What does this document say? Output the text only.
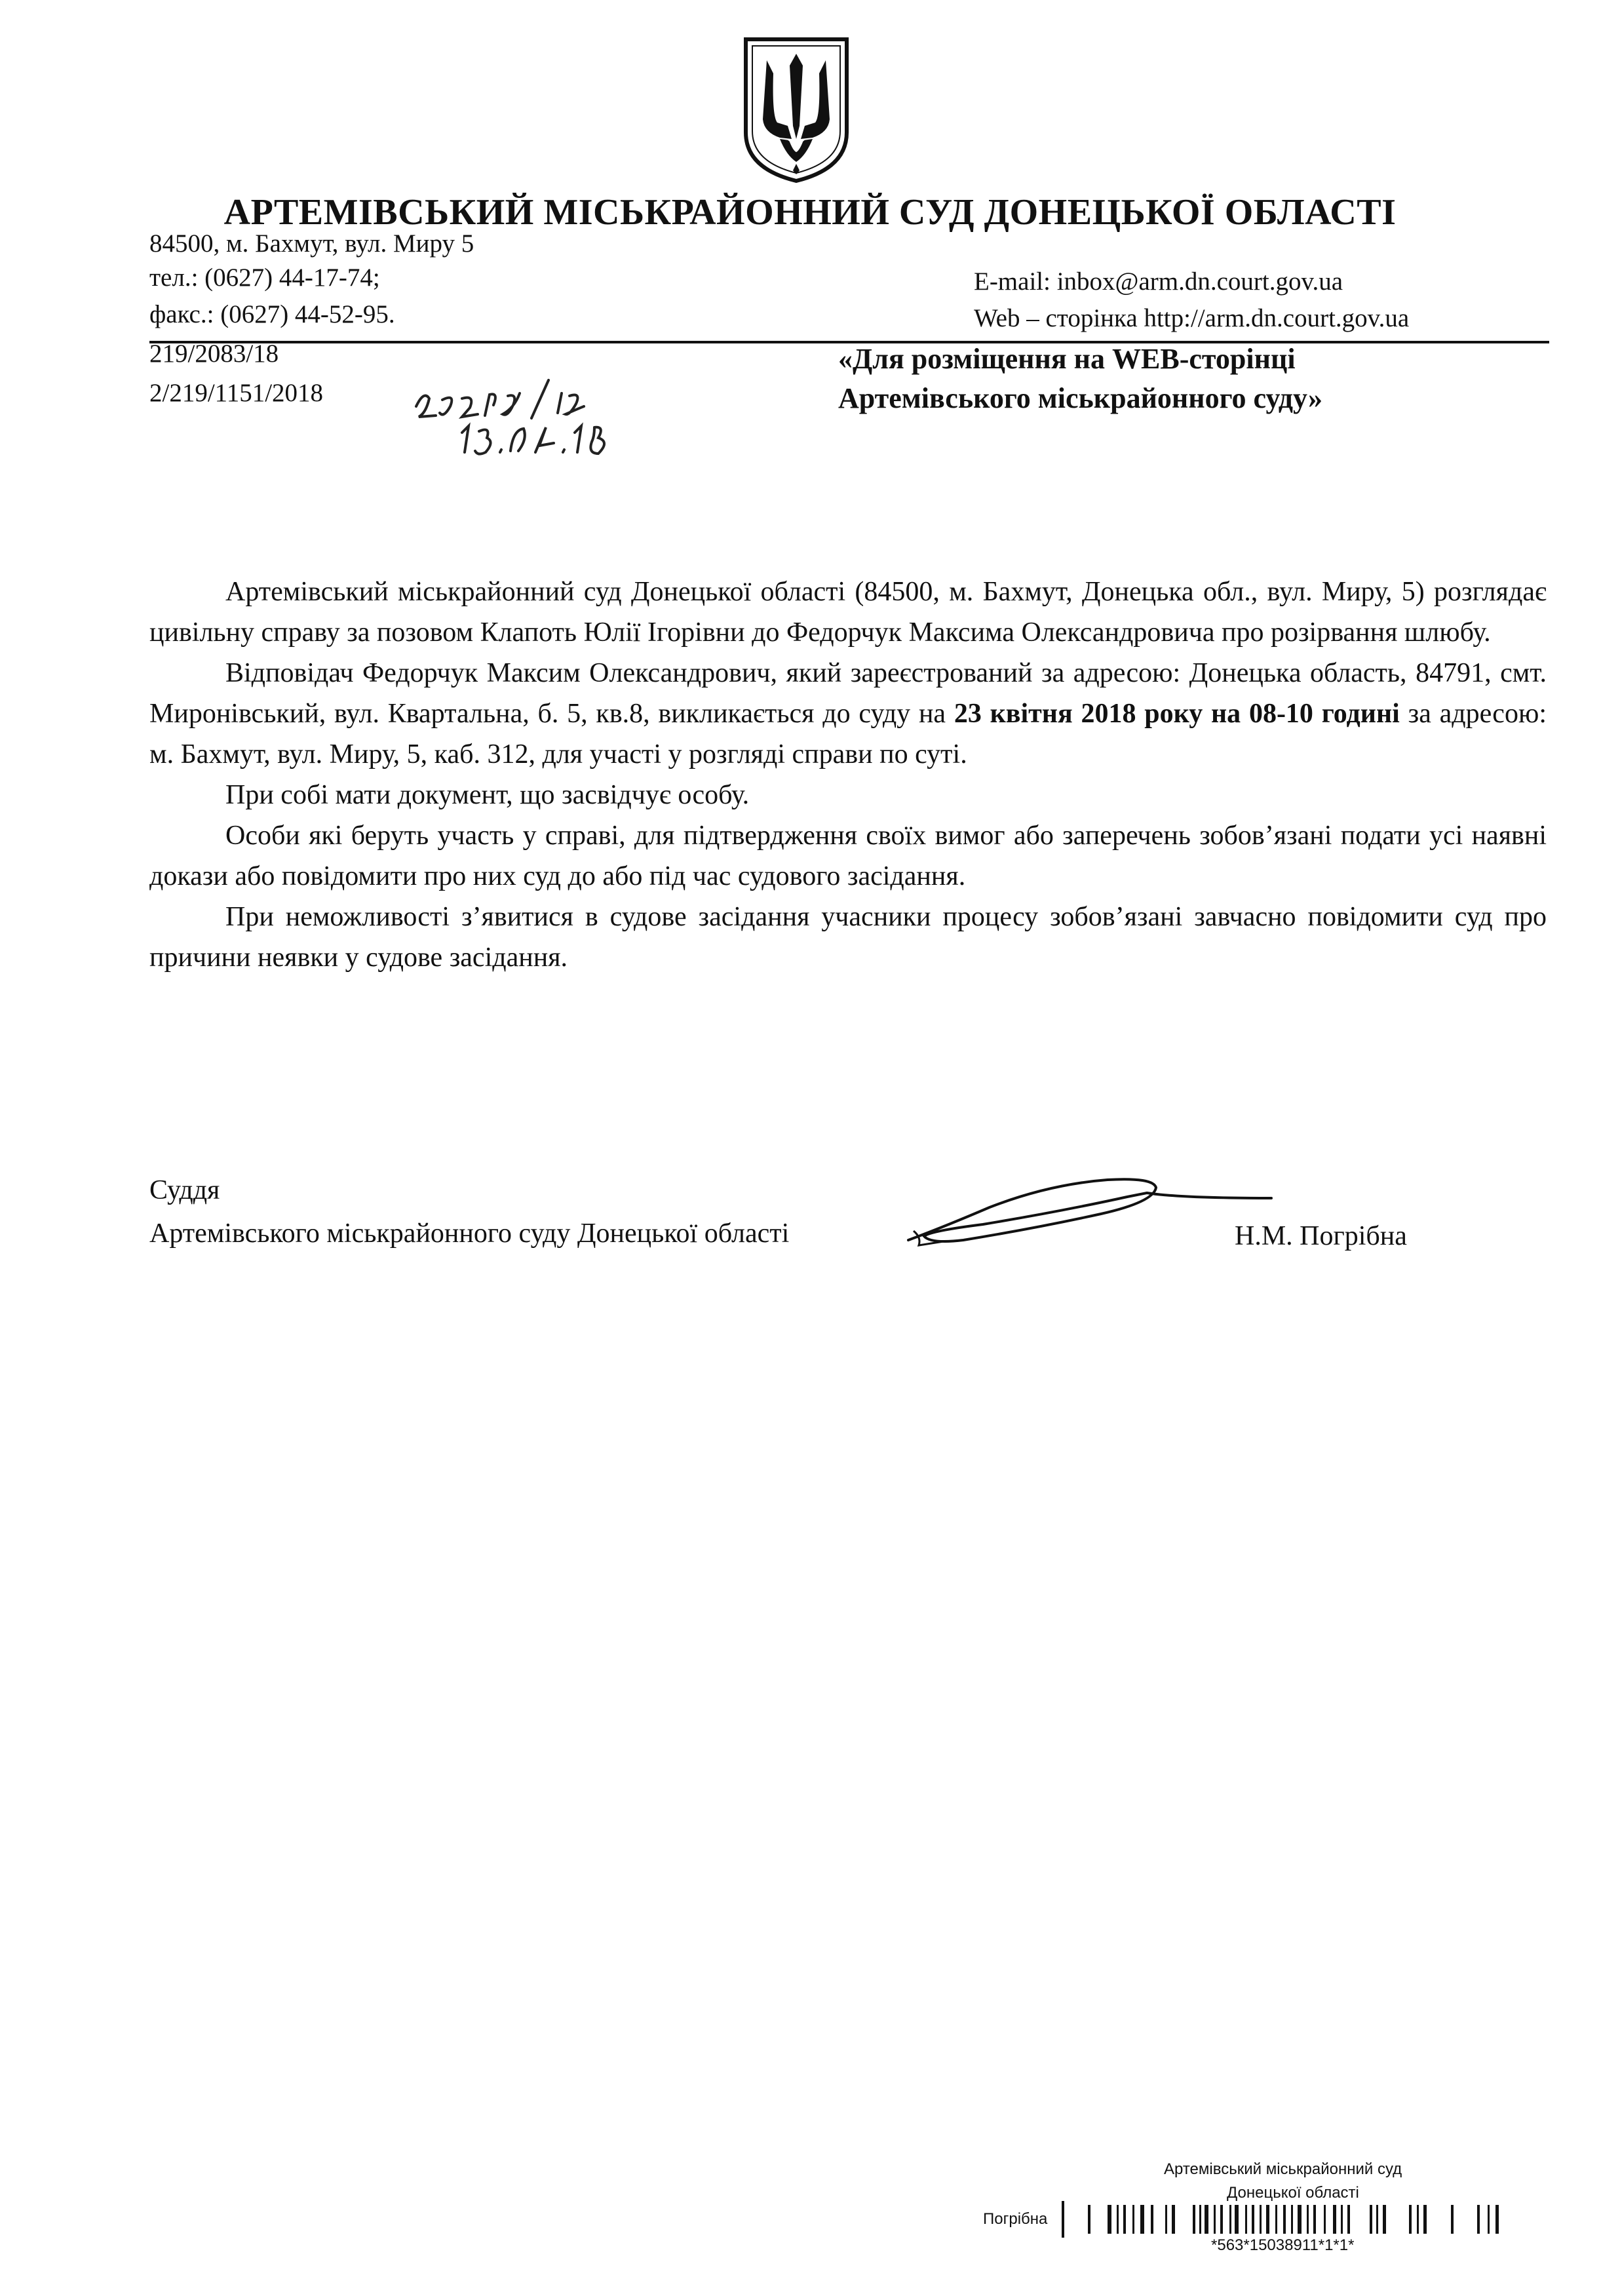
АРТЕМІВСЬКИЙ МІСЬКРАЙОННИЙ СУД ДОНЕЦЬКОЇ ОБЛАСТІ
84500, м. Бахмут, вул. Миру 5
тел.: (0627) 44-17-74;
факс.: (0627) 44-52-95.
E-mail: inbox@arm.dn.court.gov.ua
Web – сторінка http://arm.dn.court.gov.ua
219/2083/18
2/219/1151/2018
«Для розміщення на WEB-сторінці
Артемівського міськрайонного суду»

Артемівський міськрайонний суд Донецької області (84500, м. Бахмут, Донецька обл., вул. Миру, 5) розглядає цивільну справу за позовом Клапоть Юлії Ігорівни до Федорчук Максима Олександровича про розірвання шлюбу.

Відповідач Федорчук Максим Олександрович, який зареєстрований за адресою: Донецька область, 84791, смт. Миронівський, вул. Квартальна, б. 5, кв.8, викликається до суду на 23 квітня 2018 року на 08-10 годині за адресою: м. Бахмут, вул. Миру, 5, каб. 312, для участі у розгляді справи по суті.

При собі мати документ, що засвідчує особу.

Особи які беруть участь у справі, для підтвердження своїх вимог або заперечень зобов’язані подати усі наявні докази або повідомити про них суд до або під час судового засідання.

При неможливості з’явитися в судове засідання учасники процесу зобов’язані завчасно повідомити суд про причини неявки у судове засідання.

Суддя
Артемівського міськрайонного суду Донецької області	Н.М. Погрібна
Артемівський міськрайонний суд
Донецької області
Погрібна
*563*15038911*1*1*
